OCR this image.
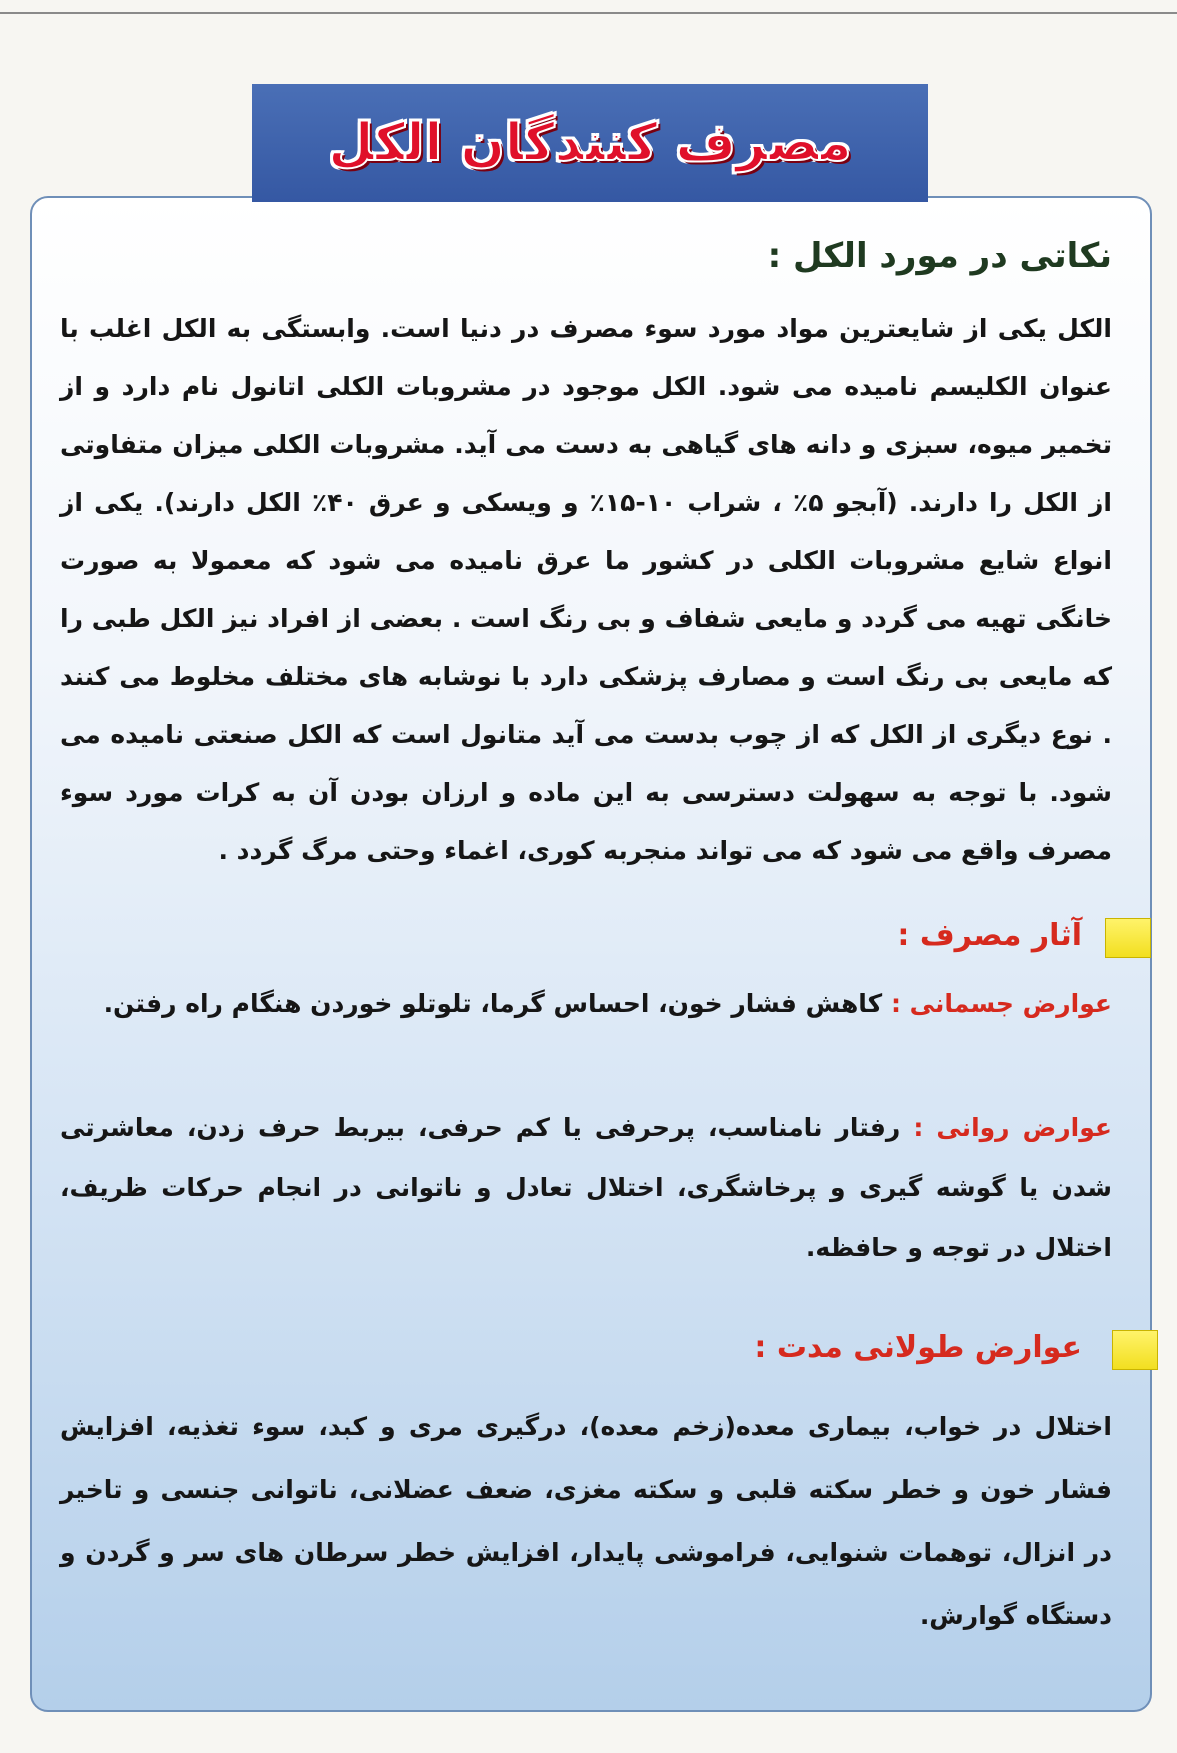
مصرف کنندگان الکل
نکاتی در مورد الکل :
الکل یکی از شایعترین مواد مورد سوء مصرف در دنیا است. وابستگی به الکل اغلب با عنوان الکلیسم نامیده می شود. الکل موجود در مشروبات الکلی اتانول نام دارد و از تخمیر میوه، سبزی و دانه های گیاهی به دست می آید. مشروبات الکلی میزان متفاوتی از الکل را دارند. (آبجو ۵٪ ، شراب ۱۰-۱۵٪ و ویسکی و عرق ۴۰٪ الکل دارند). یکی از انواع شایع مشروبات الکلی در کشور ما عرق نامیده می شود که معمولا به صورت خانگی تهیه می گردد و مایعی شفاف و بی رنگ است . بعضی از افراد نیز الکل طبی را که مایعی بی رنگ است و مصارف پزشکی دارد با نوشابه های مختلف مخلوط می کنند . نوع دیگری از الکل که از چوب بدست می آید متانول است که الکل صنعتی نامیده می شود. با توجه به سهولت دسترسی به این ماده و ارزان بودن آن به کرات مورد سوء مصرف واقع می شود که می تواند منجربه کوری، اغماء وحتی مرگ گردد .
آثار مصرف :
عوارض جسمانی : کاهش فشار خون، احساس گرما، تلوتلو خوردن هنگام راه رفتن.
عوارض روانی : رفتار نامناسب، پرحرفی یا کم حرفی، بیربط حرف زدن، معاشرتی شدن یا گوشه گیری و پرخاشگری، اختلال تعادل و ناتوانی در انجام حرکات ظریف، اختلال در توجه و حافظه.
عوارض طولانی مدت :
اختلال در خواب، بیماری معده(زخم معده)، درگیری مری و کبد، سوء تغذیه، افزایش فشار خون و خطر سکته قلبی و سکته مغزی، ضعف عضلانی، ناتوانی جنسی و تاخیر در انزال، توهمات شنوایی، فراموشی پایدار، افزایش خطر سرطان های سر و گردن و دستگاه گوارش.
